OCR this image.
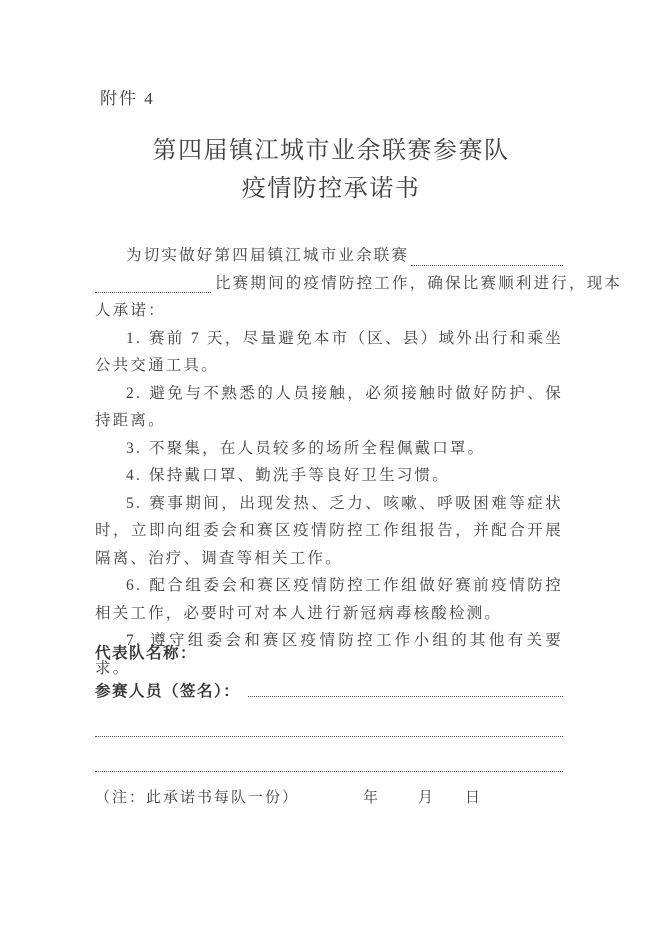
附件 4
第四届镇江城市业余联赛参赛队
疫情防控承诺书
为切实做好第四届镇江城市业余联赛
比赛期间的疫情防控工作，确保比赛顺利进行，现本
人承诺：

1. 赛前 7 天，尽量避免本市（区、县）域外出行和乘坐公共交通工具。

2. 避免与不熟悉的人员接触，必须接触时做好防护、保持距离。

3. 不聚集，在人员较多的场所全程佩戴口罩。

4. 保持戴口罩、勤洗手等良好卫生习惯。

5. 赛事期间，出现发热、乏力、咳嗽、呼吸困难等症状时，立即向组委会和赛区疫情防控工作组报告，并配合开展隔离、治疗、调查等相关工作。

6. 配合组委会和赛区疫情防控工作组做好赛前疫情防控相关工作，必要时可对本人进行新冠病毒核酸检测。

7. 遵守组委会和赛区疫情防控工作小组的其他有关要求。

代表队名称：
参赛人员（签名）：
（注：此承诺书每队一份）	年	月 日
